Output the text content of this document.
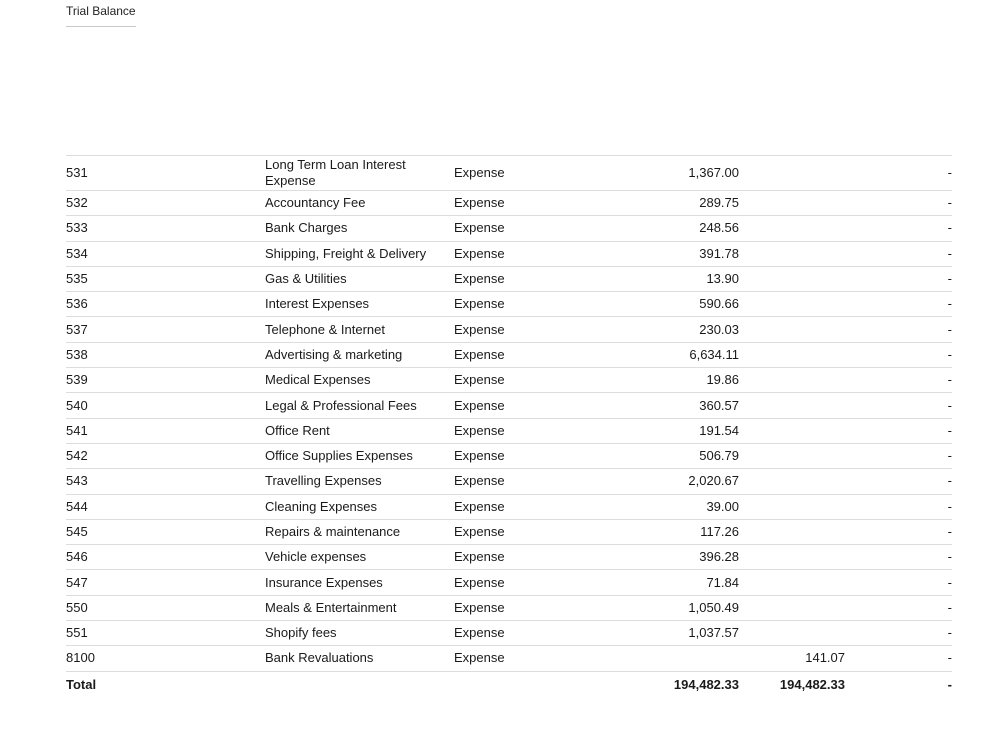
Trial Balance
531	Long Term Loan Interest Expense	Expense	1,367.00		-
532	Accountancy Fee	Expense	289.75		-
533	Bank Charges	Expense	248.56		-
534	Shipping, Freight & Delivery	Expense	391.78		-
535	Gas & Utilities	Expense	13.90		-
536	Interest Expenses	Expense	590.66		-
537	Telephone & Internet	Expense	230.03		-
538	Advertising & marketing	Expense	6,634.11		-
539	Medical Expenses	Expense	19.86		-
540	Legal & Professional Fees	Expense	360.57		-
541	Office Rent	Expense	191.54		-
542	Office Supplies Expenses	Expense	506.79		-
543	Travelling Expenses	Expense	2,020.67		-
544	Cleaning Expenses	Expense	39.00		-
545	Repairs & maintenance	Expense	117.26		-
546	Vehicle expenses	Expense	396.28		-
547	Insurance Expenses	Expense	71.84		-
550	Meals & Entertainment	Expense	1,050.49		-
551	Shopify fees	Expense	1,037.57		-
8100	Bank Revaluations	Expense		141.07	-
Total			194,482.33	194,482.33	-
